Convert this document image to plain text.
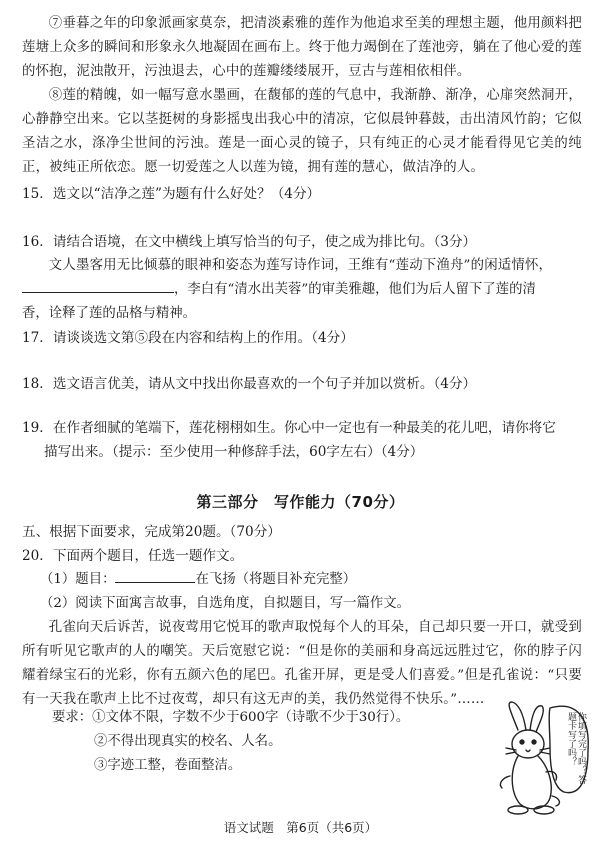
⑦垂暮之年的印象派画家莫奈，把清淡素雅的莲作为他追求至美的理想主题，他用颜料把莲塘上众多的瞬间和形象永久地凝固在画布上。终于他力竭倒在了莲池旁，躺在了他心爱的莲的怀抱，泥浊散开，污浊退去，心中的莲瓣缕缕展开，豆古与莲相依相伴。
⑧莲的精魄，如一幅写意水墨画，在馥郁的莲的气息中，我渐静、渐净，心扉突然洞开，心静静空出来。它以茎挺树的身影摇曳出我心中的清凉，它似晨钟暮鼓，击出清风竹韵；它似圣洁之水，涤净尘世间的污浊。莲是一面心灵的镜子，只有纯正的心灵才能看得见它美的纯正，被纯正所依恋。愿一切爱莲之人以莲为镜，拥有莲的慧心，做洁净的人。
15．选文以“洁净之莲”为题有什么好处？（4分）
16．请结合语境，在文中横线上填写恰当的句子，使之成为排比句。（3分）
文人墨客用无比倾慕的眼神和姿态为莲写诗作词，王维有“莲动下渔舟”的闲适情怀，
，李白有“清水出芙蓉”的审美雅趣，他们为后人留下了莲的清
香，诠释了莲的品格与精神。
17．请谈谈选文第⑤段在内容和结构上的作用。（4分）
18．选文语言优美，请从文中找出你最喜欢的一个句子并加以赏析。（4分）
19．在作者细腻的笔端下，莲花栩栩如生。你心中一定也有一种最美的花儿吧，请你将它
描写出来。（提示：至少使用一种修辞手法，60字左右）（4分）
第三部分　写作能力（70分）
五、根据下面要求，完成第20题。（70分）
20．下面两个题目，任选一题作文。
（1）题目：	在飞扬（将题目补充完整）
（2）阅读下面寓言故事，自选角度，自拟题目，写一篇作文。
孔雀向天后诉苦，说夜莺用它悦耳的歌声取悦每个人的耳朵，自己却只要一开口，就受到所有听见它歌声的人的嘲笑。天后宽慰它说：“但是你的美丽和身高远远胜过它，你的脖子闪耀着绿宝石的光彩，你有五颜六色的尾巴。孔雀开屏，更是受人们喜爱。”但是孔雀说：“只要有一天我在歌声上比不过夜莺，却只有这无声的美，我仍然觉得不快乐。”……
要求：①文体不限，字数不少于600字（诗歌不少于30行）。
②不得出现真实的校名、人名。
③字迹工整，卷面整洁。	你填写完了吗？答题卡写了吗？
语文试题　第6页（共6页）
